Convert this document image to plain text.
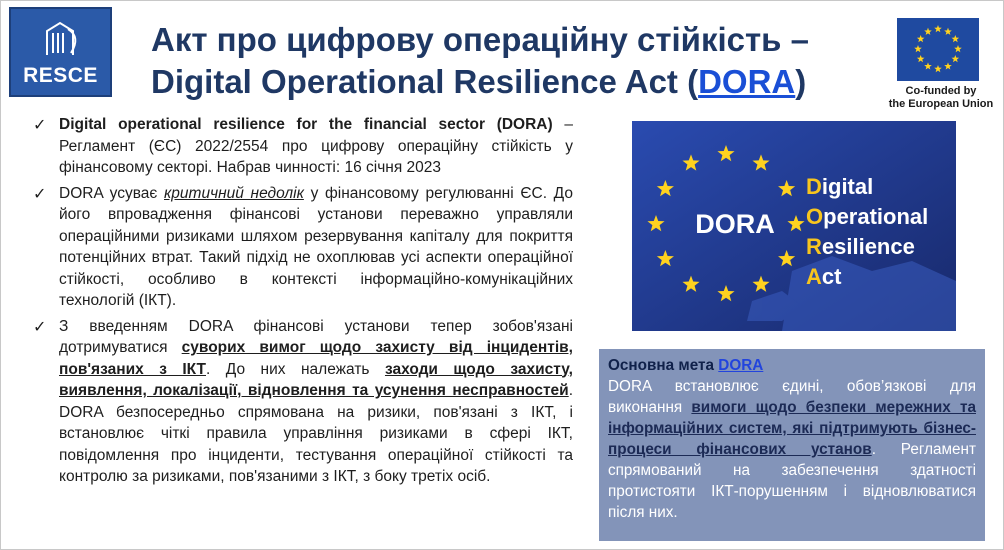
RESCE
Акт про цифрову операційну стійкість –
Digital Operational Resilience Act (DORA)	Co-funded by
the European Union
✓ Digital operational resilience for the financial sector (DORA) – Регламент (ЄС) 2022/2554 про цифрову операційну стійкість у фінансовому секторі. Набрав чинності: 16 січня 2023
✓ DORA усуває критичний недолік у фінансовому регулюванні ЄС. До його впровадження фінансові установи переважно управляли операційними ризиками шляхом резервування капіталу для покриття потенційних втрат. Такий підхід не охоплював усі аспекти операційної стійкості, особливо в контексті інформаційно-комунікаційних технологій (ІКТ).
✓ З введенням DORA фінансові установи тепер зобов'язані дотримуватися суворих вимог щодо захисту від інцидентів, пов'язаних з ІКТ. До них належать заходи щодо захисту, виявлення, локалізації, відновлення та усунення несправностей. DORA безпосередньо спрямована на ризики, пов'язані з ІКТ, і встановлює чіткі правила управління ризиками в сфері ІКТ, повідомлення про інциденти, тестування операційної стійкості та контролю за ризиками, пов'язаними з ІКТ, з боку третіх осіб.
DORA
Digital
Operational
Resilience
Act
Основна мета DORA

DORA встановлює єдині, обов’язкові для виконання вимоги щодо безпеки мережних та інформаційних систем, які підтримують бізнес-процеси фінансових установ. Регламент спрямований на забезпечення здатності протистояти ІКТ-порушенням і відновлюватися після них.
